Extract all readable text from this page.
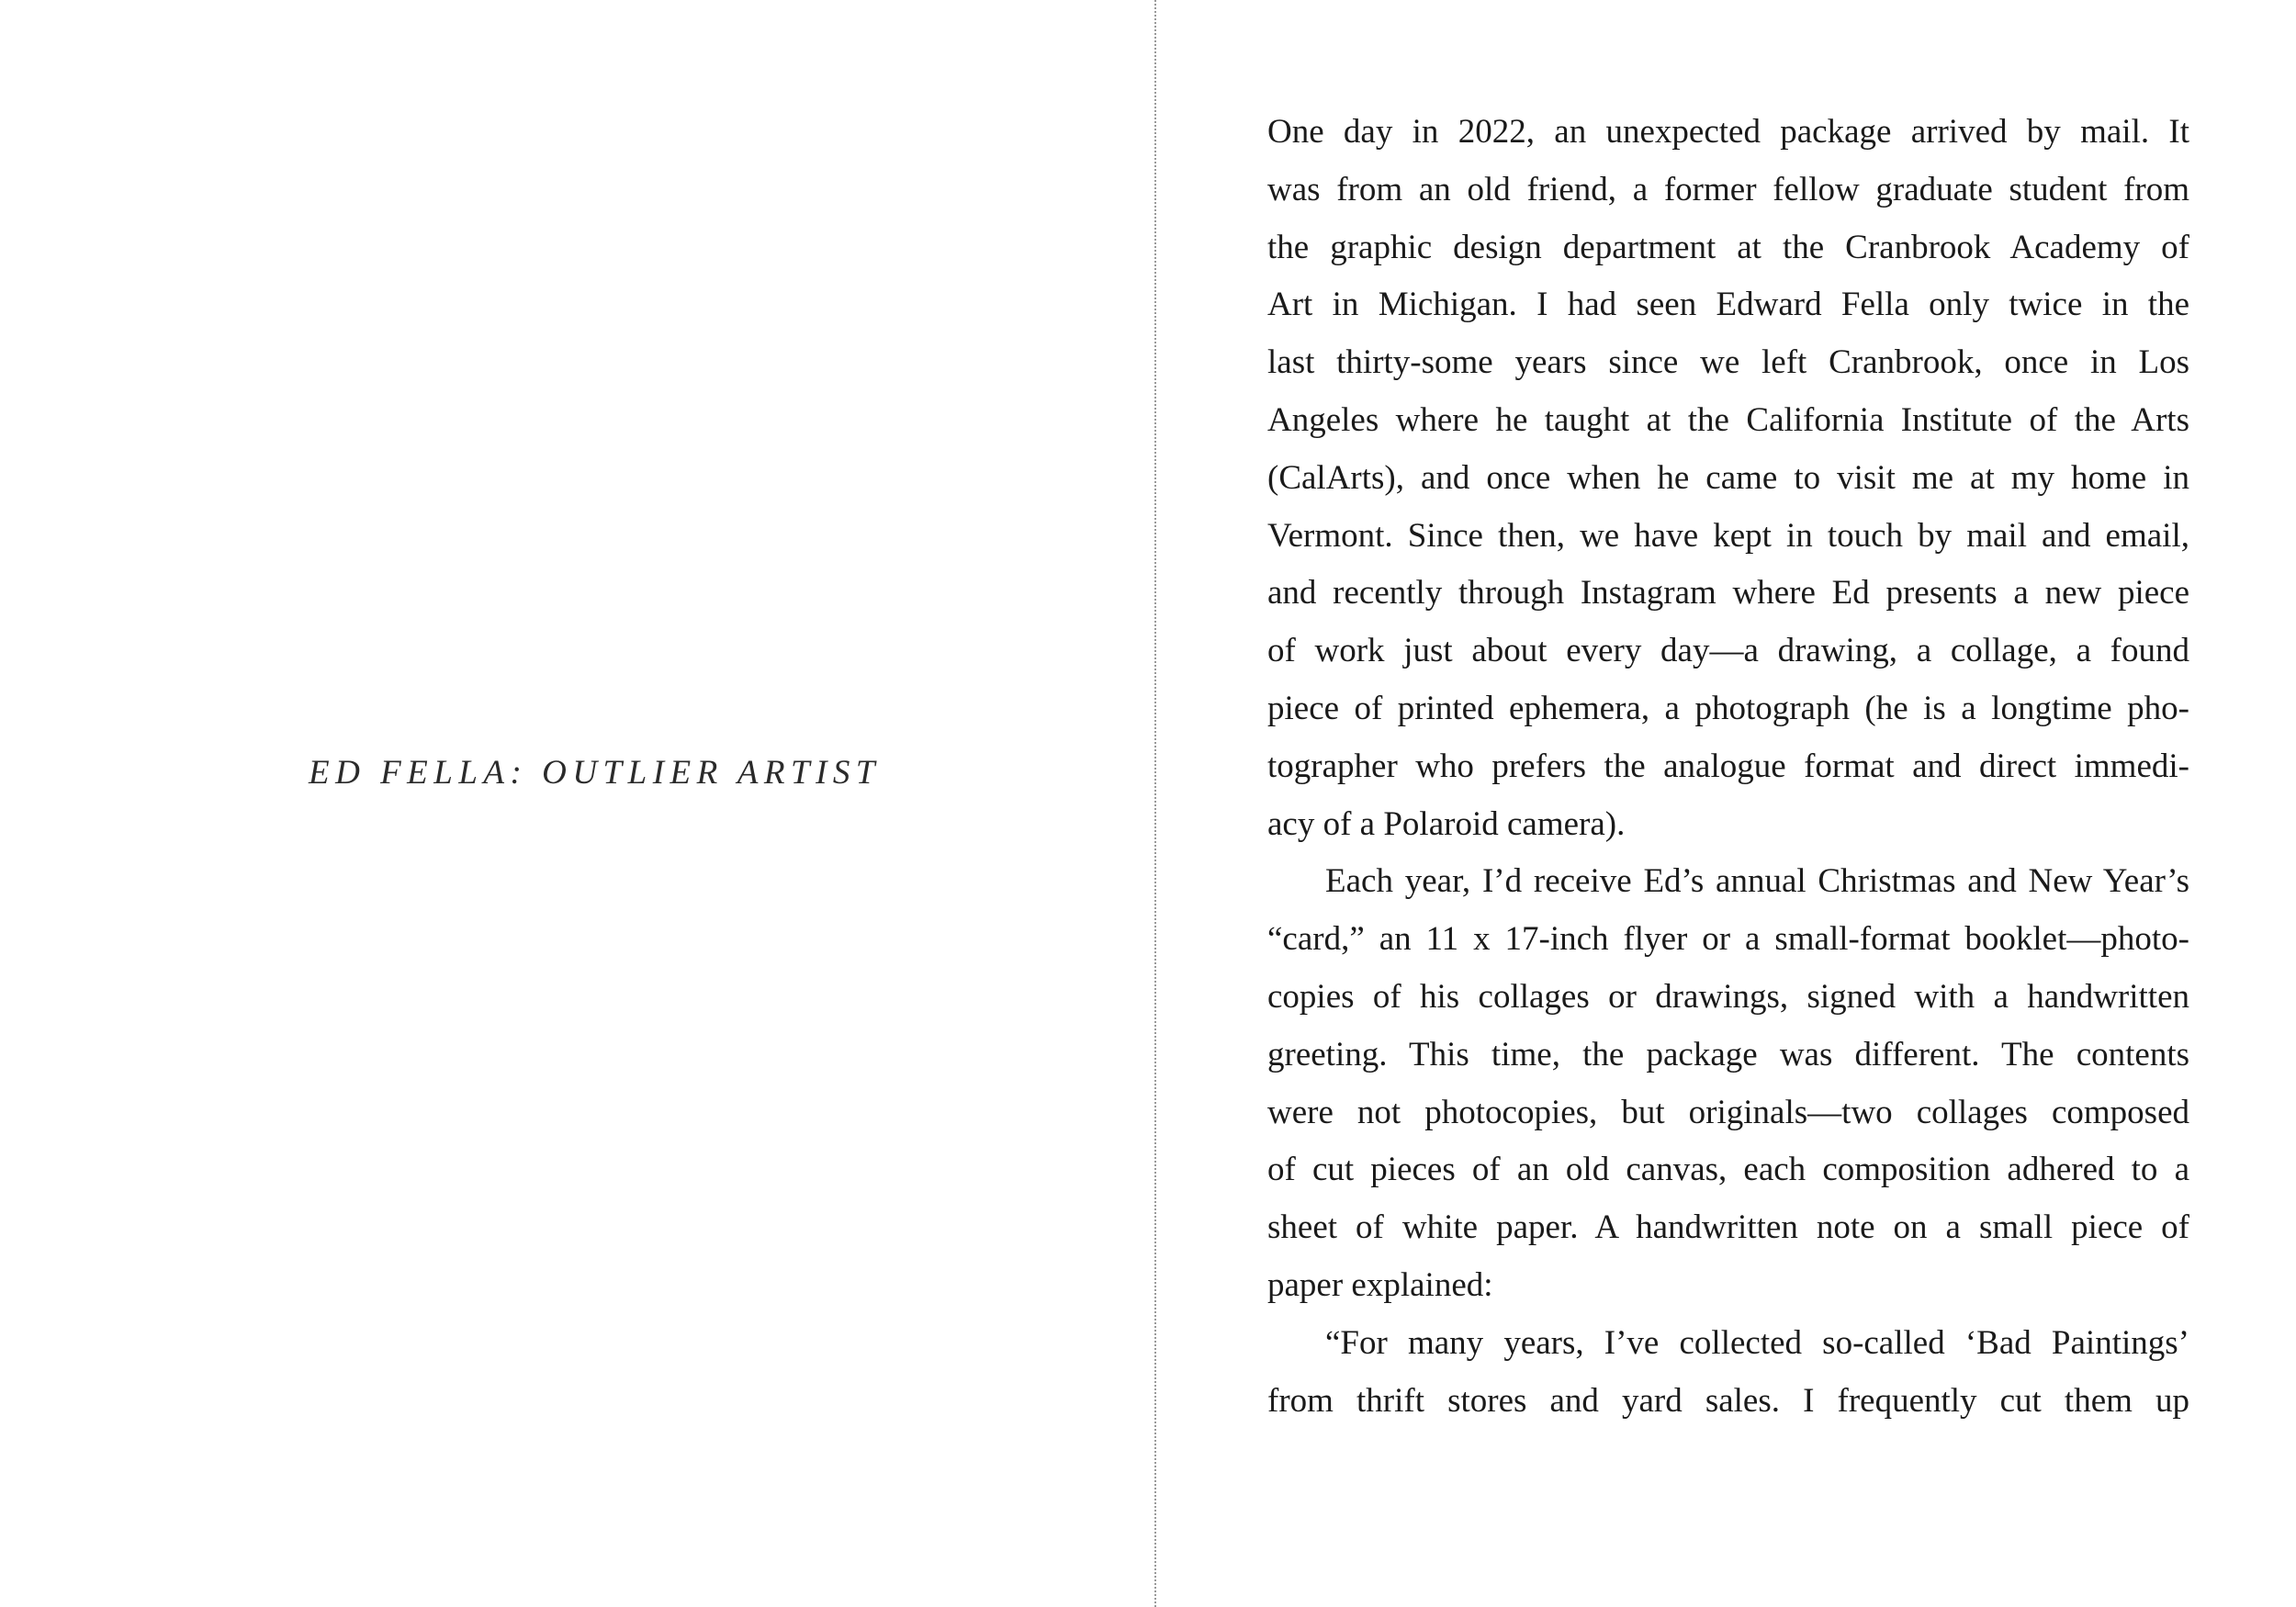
ED FELLA: OUTLIER ARTIST

One day in 2022, an unexpected package arrived by mail. It
was from an old friend, a former fellow graduate student from
the graphic design department at the Cranbrook Academy of
Art in Michigan. I had seen Edward Fella only twice in the
last thirty-some years since we left Cranbrook, once in Los
Angeles where he taught at the California Institute of the Arts
(CalArts), and once when he came to visit me at my home in
Vermont. Since then, we have kept in touch by mail and email,
and recently through Instagram where Ed presents a new piece
of work just about every day—a drawing, a collage, a found
piece of printed ephemera, a photograph (he is a longtime pho-
tographer who prefers the analogue format and direct immedi-
acy of a Polaroid camera).

Each year, I’d receive Ed’s annual Christmas and New Year’s
“card,” an 11 x 17-inch flyer or a small-format booklet—photo-
copies of his collages or drawings, signed with a handwritten
greeting. This time, the package was different. The contents
were not photocopies, but originals—two collages composed
of cut pieces of an old canvas, each composition adhered to a
sheet of white paper. A handwritten note on a small piece of
paper explained:

“For many years, I’ve collected so-called ‘Bad Paintings’
from thrift stores and yard sales. I frequently cut them up
